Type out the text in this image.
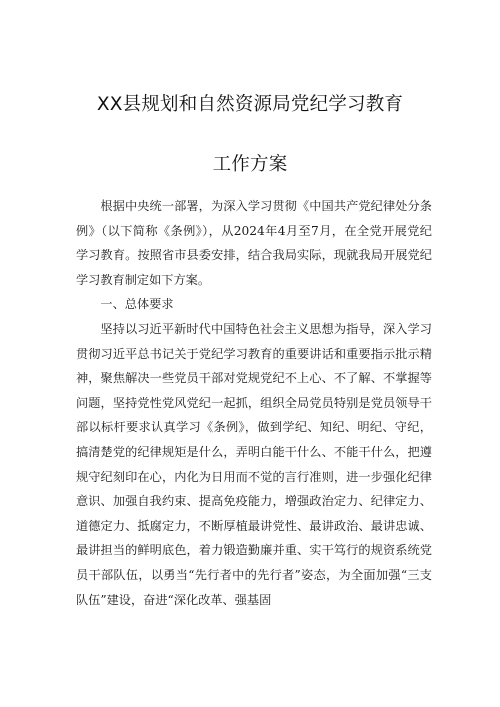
XX县规划和自然资源局党纪学习教育
工作方案

根据中央统一部署，为深入学习贯彻《中国共产党纪律处分条例》（以下简称《条例》），从2024年4月至7月，在全党开展党纪学习教育。按照省市县委安排，结合我局实际，现就我局开展党纪学习教育制定如下方案。

一、总体要求

坚持以习近平新时代中国特色社会主义思想为指导，深入学习贯彻习近平总书记关于党纪学习教育的重要讲话和重要指示批示精神，聚焦解决一些党员干部对党规党纪不上心、不了解、不掌握等问题，坚持党性党风党纪一起抓，组织全局党员特别是党员领导干部以标杆要求认真学习《条例》，做到学纪、知纪、明纪、守纪，搞清楚党的纪律规矩是什么，弄明白能干什么、不能干什么，把遵规守纪刻印在心，内化为日用而不觉的言行准则，进一步强化纪律意识、加强自我约束、提高免疫能力，增强政治定力、纪律定力、道德定力、抵腐定力，不断厚植最讲党性、最讲政治、最讲忠诚、最讲担当的鲜明底色，着力锻造勤廉并重、实干笃行的规资系统党员干部队伍，以勇当“先行者中的先行者”姿态，为全面加强“三支队伍”建设，奋进“深化改革、强基固
